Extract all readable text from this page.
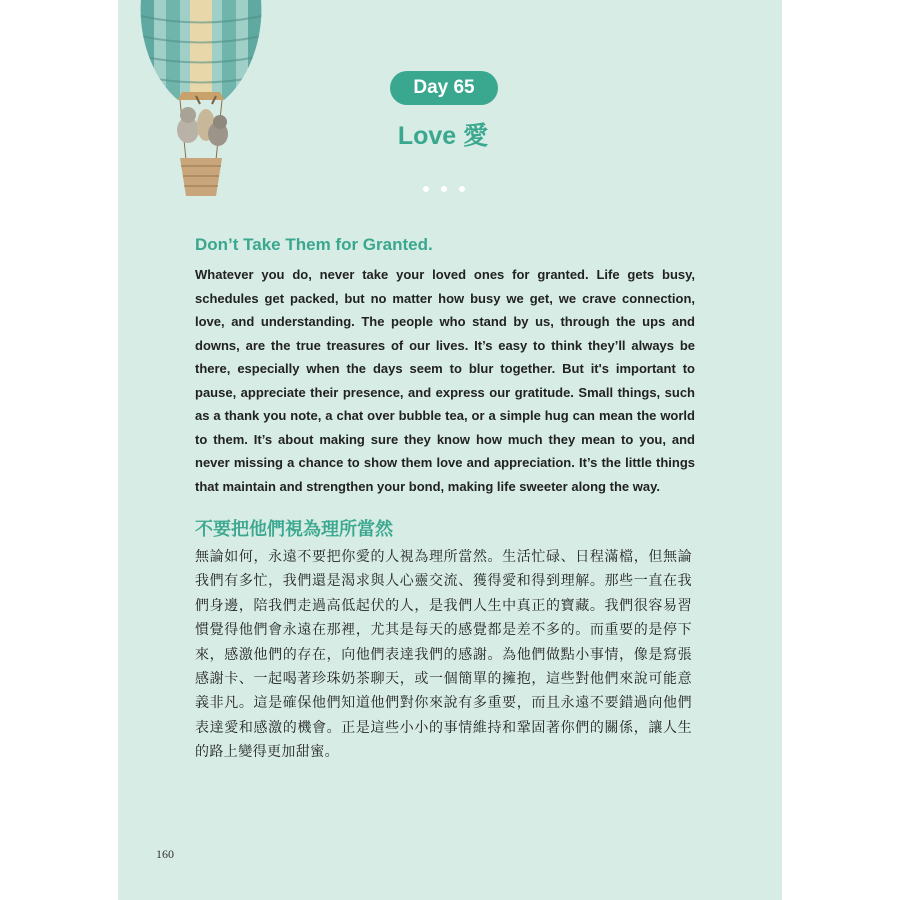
Day 65
Love 愛
Don’t Take Them for Granted.
Whatever you do, never take your loved ones for granted. Life gets busy, schedules get packed, but no matter how busy we get, we crave connection, love, and understanding. The people who stand by us, through the ups and downs, are the true treasures of our lives. It’s easy to think they’ll always be there, especially when the days seem to blur together. But it's important to pause, appreciate their presence, and express our gratitude. Small things, such as a thank you note, a chat over bubble tea, or a simple hug can mean the world to them. It’s about making sure they know how much they mean to you, and never missing a chance to show them love and appreciation. It’s the little things that maintain and strengthen your bond, making life sweeter along the way.
不要把他們視為理所當然
無論如何，永遠不要把你愛的人視為理所當然。生活忙碌、日程滿檔，但無論我們有多忙，我們還是渴求與人心靈交流、獲得愛和得到理解。那些一直在我們身邊，陪我們走過高低起伏的人，是我們人生中真正的寶藏。我們很容易習慣覺得他們會永遠在那裡，尤其是每天的感覺都是差不多的。而重要的是停下來，感激他們的存在，向他們表達我們的感謝。為他們做點小事情，像是寫張感謝卡、一起喝著珍珠奶茶聊天，或一個簡單的擁抱，這些對他們來說可能意義非凡。這是確保他們知道他們對你來說有多重要，而且永遠不要錯過向他們表達愛和感激的機會。正是這些小小的事情維持和鞏固著你們的關係，讓人生的路上變得更加甜蜜。
160
